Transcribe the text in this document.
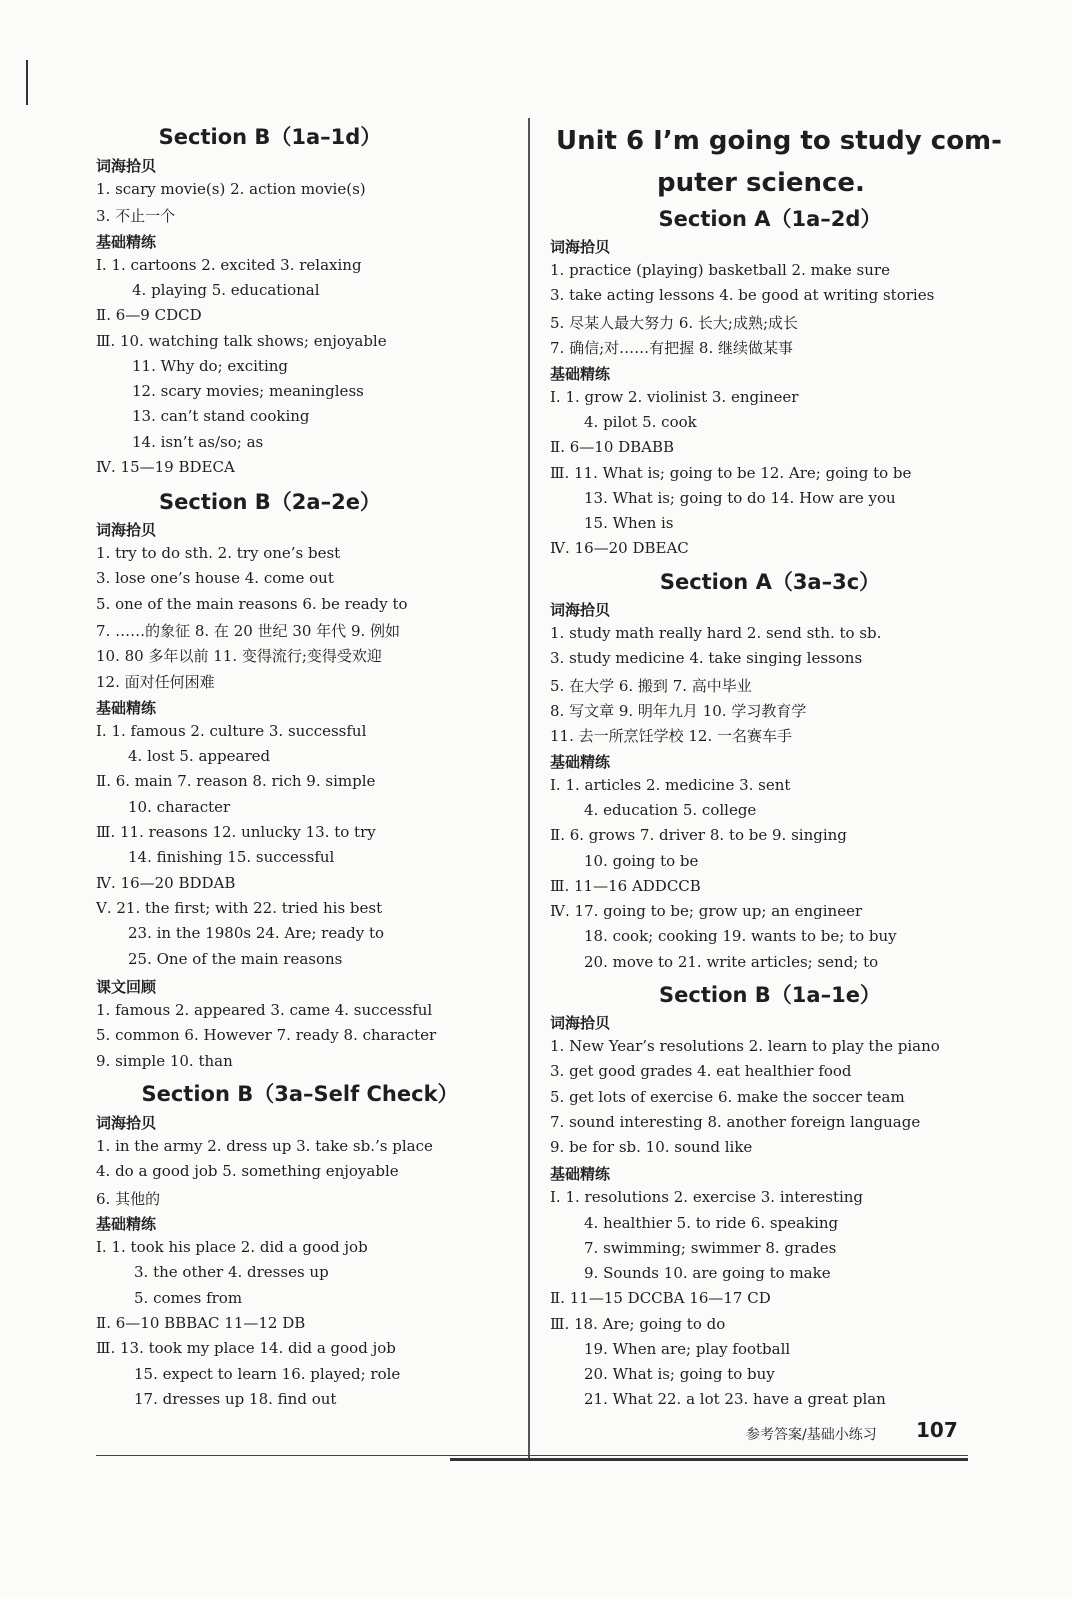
Section B（1a–1d）
词海拾贝
1. scary movie(s) 2. action movie(s)
3. 不止一个
基础精练
Ⅰ. 1. cartoons 2. excited 3. relaxing
4. playing 5. educational
Ⅱ. 6—9 CDCD
Ⅲ. 10. watching talk shows; enjoyable
11. Why do; exciting
12. scary movies; meaningless
13. can’t stand cooking
14. isn’t as/so; as
Ⅳ. 15—19 BDECA
Section B（2a–2e）
词海拾贝
1. try to do sth. 2. try one’s best
3. lose one’s house 4. come out
5. one of the main reasons 6. be ready to
7. ……的象征 8. 在 20 世纪 30 年代 9. 例如
10. 80 多年以前 11. 变得流行;变得受欢迎
12. 面对任何困难
基础精练
Ⅰ. 1. famous 2. culture 3. successful
4. lost 5. appeared
Ⅱ. 6. main 7. reason 8. rich 9. simple
10. character
Ⅲ. 11. reasons 12. unlucky 13. to try
14. finishing 15. successful
Ⅳ. 16—20 BDDAB
Ⅴ. 21. the first; with 22. tried his best
23. in the 1980s 24. Are; ready to
25. One of the main reasons
课文回顾
1. famous 2. appeared 3. came 4. successful
5. common 6. However 7. ready 8. character
9. simple 10. than
Section B（3a–Self Check）
词海拾贝
1. in the army 2. dress up 3. take sb.’s place
4. do a good job 5. something enjoyable
6. 其他的
基础精练
Ⅰ. 1. took his place 2. did a good job
3. the other 4. dresses up
5. comes from
Ⅱ. 6—10 BBBAC 11—12 DB
Ⅲ. 13. took my place 14. did a good job
15. expect to learn 16. played; role
17. dresses up 18. find out
Unit 6 I’m going to study com-
puter science.
Section A（1a–2d）
词海拾贝
1. practice (playing) basketball 2. make sure
3. take acting lessons 4. be good at writing stories
5. 尽某人最大努力 6. 长大;成熟;成长
7. 确信;对……有把握 8. 继续做某事
基础精练
Ⅰ. 1. grow 2. violinist 3. engineer
4. pilot 5. cook
Ⅱ. 6—10 DBABB
Ⅲ. 11. What is; going to be 12. Are; going to be
13. What is; going to do 14. How are you
15. When is
Ⅳ. 16—20 DBEAC
Section A（3a–3c）
词海拾贝
1. study math really hard 2. send sth. to sb.
3. study medicine 4. take singing lessons
5. 在大学 6. 搬到 7. 高中毕业
8. 写文章 9. 明年九月 10. 学习教育学
11. 去一所烹饪学校 12. 一名赛车手
基础精练
Ⅰ. 1. articles 2. medicine 3. sent
4. education 5. college
Ⅱ. 6. grows 7. driver 8. to be 9. singing
10. going to be
Ⅲ. 11—16 ADDCCB
Ⅳ. 17. going to be; grow up; an engineer
18. cook; cooking 19. wants to be; to buy
20. move to 21. write articles; send; to
Section B（1a–1e）
词海拾贝
1. New Year’s resolutions 2. learn to play the piano
3. get good grades 4. eat healthier food
5. get lots of exercise 6. make the soccer team
7. sound interesting 8. another foreign language
9. be for sb. 10. sound like
基础精练
Ⅰ. 1. resolutions 2. exercise 3. interesting
4. healthier 5. to ride 6. speaking
7. swimming; swimmer 8. grades
9. Sounds 10. are going to make
Ⅱ. 11—15 DCCBA 16—17 CD
Ⅲ. 18. Are; going to do
19. When are; play football
20. What is; going to buy
21. What 22. a lot 23. have a great plan
参考答案/基础小练习 107
